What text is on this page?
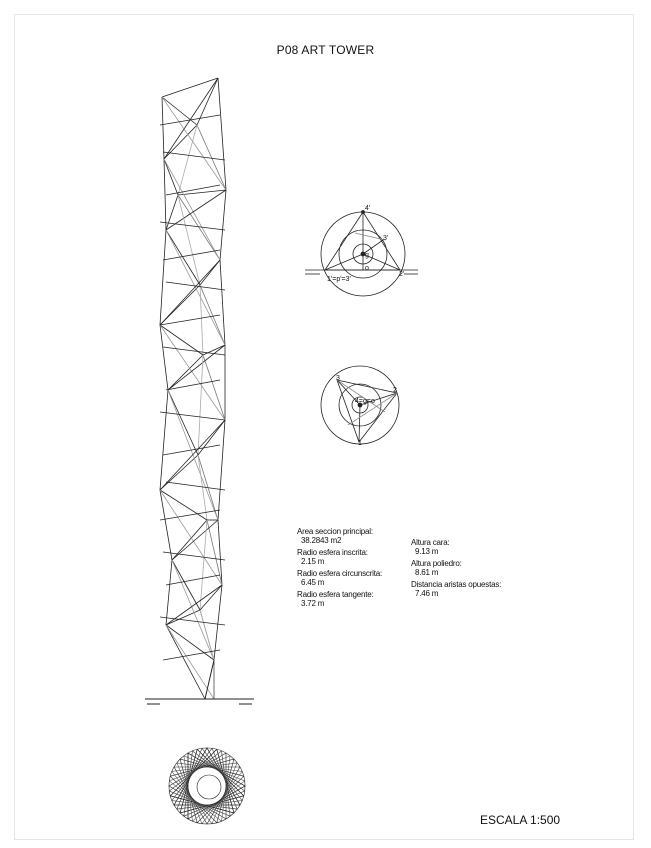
P08 ART TOWER
4'
3'
g
o
1'=p'=3'
2'
3
2
1
4=g=o
Area seccion principal:
38.2843 m2
Radio esfera inscrita:
2.15 m
Radio esfera circunscrita:
6.45 m
Radio esfera tangente:
3.72 m
Altura cara:
9.13 m
Altura poliedro:
8.61 m
Distancia aristas opuestas:
7.46 m
ESCALA 1:500
